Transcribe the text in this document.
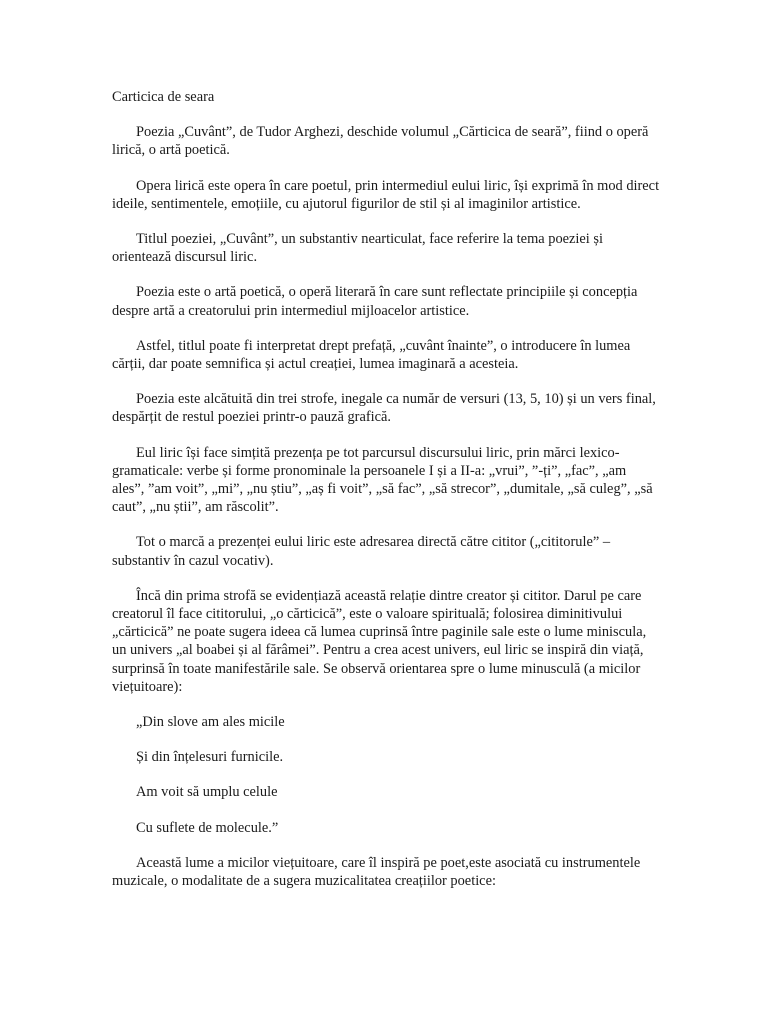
Carticica de seara

Poezia „Cuvânt”, de Tudor Arghezi, deschide volumul „Cărticica de seară”, fiind o operă lirică, o artă poetică.

Opera lirică este opera în care poetul, prin intermediul eului liric, își exprimă în mod direct ideile, sentimentele, emoțiile, cu ajutorul figurilor de stil și al imaginilor artistice.

Titlul poeziei, „Cuvânt”, un substantiv nearticulat, face referire la tema poeziei și orientează discursul liric.

Poezia este o artă poetică, o operă literară în care sunt reflectate principiile și concepția despre artă a creatorului prin intermediul mijloacelor artistice.

Astfel, titlul poate fi interpretat drept prefață, „cuvânt înainte”, o introducere în lumea cărții, dar poate semnifica și actul creației, lumea imaginară a acesteia.

Poezia este alcătuită din trei strofe, inegale ca număr de versuri (13, 5, 10) și un vers final, despărțit de restul poeziei printr-o pauză grafică.

Eul liric își face simțită prezența pe tot parcursul discursului liric, prin mărci lexico-gramaticale: verbe și forme pronominale la persoanele I și a II-a: „vrui”, ”-ți”, „fac”, „am ales”, ”am voit”, „mi”, „nu știu”, „aș fi voit”, „să fac”, „să strecor”, „dumitale, „să culeg”, „să caut”, „nu știi”, am răscolit”.

Tot o marcă a prezenței eului liric este adresarea directă către cititor („cititorule” – substantiv în cazul vocativ).

Încă din prima strofă se evidențiază această relație dintre creator și cititor. Darul pe care creatorul îl face cititorului, „o cărticică”, este o valoare spirituală; folosirea diminitivului „cărticică” ne poate sugera ideea că lumea cuprinsă între paginile sale este o lume miniscula, un univers „al boabei și al fărâmei”. Pentru a crea acest univers, eul liric se inspiră din viață, surprinsă în toate manifestările sale. Se observă orientarea spre o lume minusculă (a micilor viețuitoare):

„Din slove am ales micile

Și din înțelesuri furnicile.

Am voit să umplu celule

Cu suflete de molecule.”

Această lume a micilor viețuitoare, care îl inspiră pe poet,este asociată cu instrumentele muzicale, o modalitate de a sugera muzicalitatea creațiilor poetice:
